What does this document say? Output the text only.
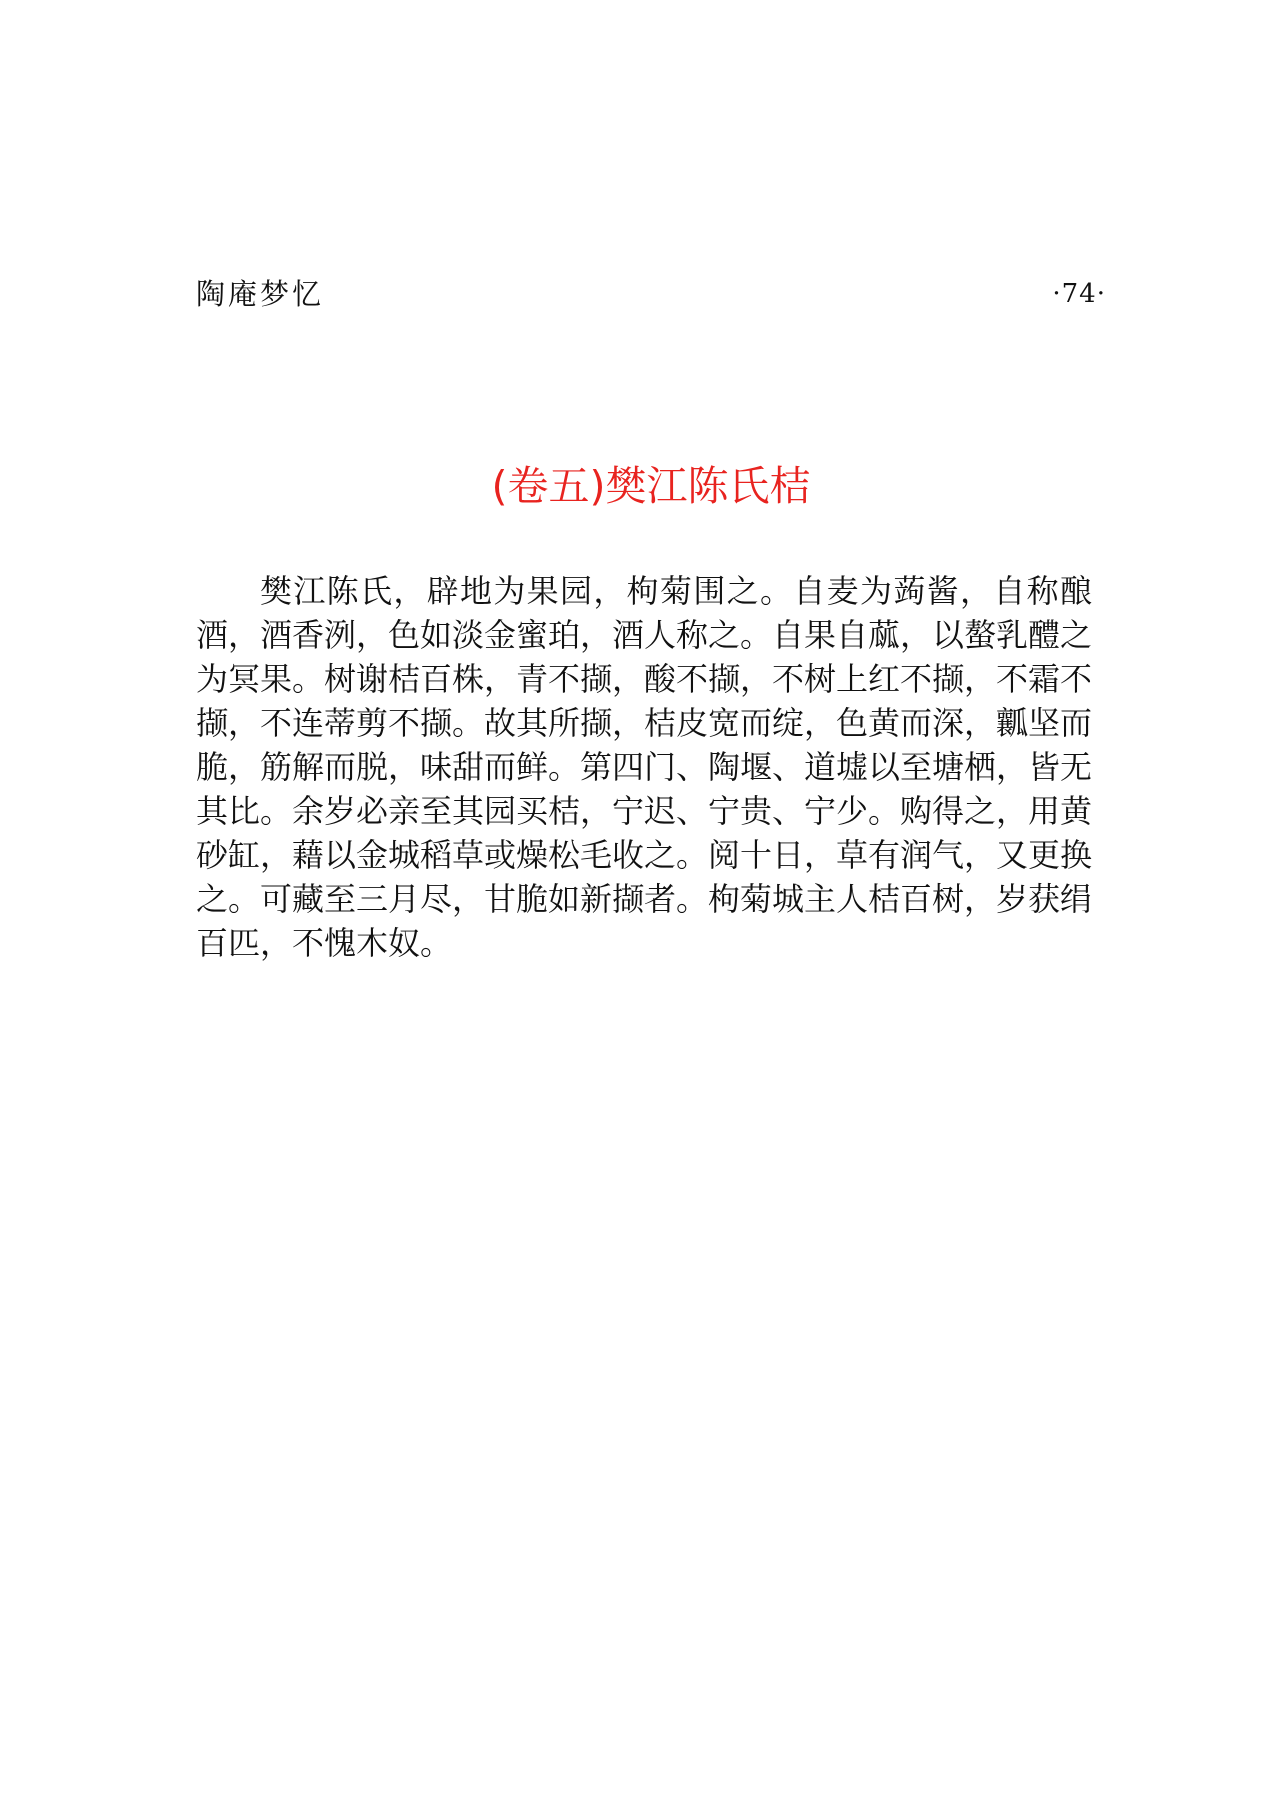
陶庵梦忆	·74·
(卷五)樊江陈氏桔

樊江陈氏，辟地为果园，枸菊围之。自麦为蒟酱，自称酿酒，酒香洌，色如淡金蜜珀，酒人称之。自果自蓏，以螯乳醴之为冥果。树谢桔百株，青不撷，酸不撷，不树上红不撷，不霜不撷，不连蒂剪不撷。故其所撷，桔皮宽而绽，色黄而深，瓤坚而脆，筋解而脱，味甜而鲜。第四门、陶堰、道墟以至塘栖，皆无其比。余岁必亲至其园买桔，宁迟、宁贵、宁少。购得之，用黄砂缸，藉以金城稻草或燥松毛收之。阅十日，草有润气，又更换之。可藏至三月尽，甘脆如新撷者。枸菊城主人桔百树，岁获绢百匹，不愧木奴。
